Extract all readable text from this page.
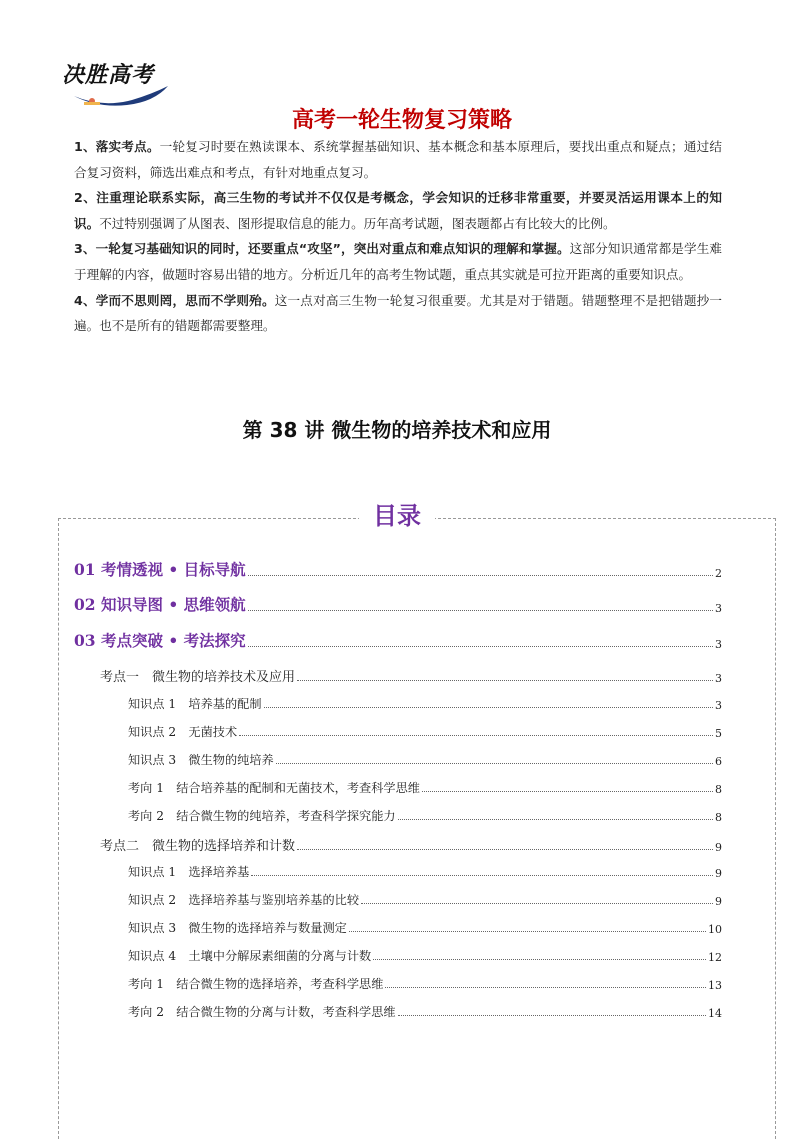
决胜高考
高考一轮生物复习策略

1、落实考点。一轮复习时要在熟读课本、系统掌握基础知识、基本概念和基本原理后，要找出重点和疑点；通过结合复习资料，筛选出难点和考点，有针对地重点复习。

2、注重理论联系实际，高三生物的考试并不仅仅是考概念，学会知识的迁移非常重要，并要灵活运用课本上的知识。不过特别强调了从图表、图形提取信息的能力。历年高考试题，图表题都占有比较大的比例。

3、一轮复习基础知识的同时，还要重点“攻坚”，突出对重点和难点知识的理解和掌握。这部分知识通常都是学生难于理解的内容，做题时容易出错的地方。分析近几年的高考生物试题，重点其实就是可拉开距离的重要知识点。

4、学而不思则罔，思而不学则殆。这一点对高三生物一轮复习很重要。尤其是对于错题。错题整理不是把错题抄一遍。也不是所有的错题都需要整理。

第 38 讲 微生物的培养技术和应用
目录
01 考情透视 • 目标导航	2
02 知识导图 • 思维领航	3
03 考点突破 • 考法探究	3
考点一　微生物的培养技术及应用	3
知识点 1　培养基的配制	3
知识点 2　无菌技术	5
知识点 3　微生物的纯培养	6
考向 1　结合培养基的配制和无菌技术，考查科学思维	8
考向 2　结合微生物的纯培养，考查科学探究能力	8
考点二　微生物的选择培养和计数	9
知识点 1　选择培养基	9
知识点 2　选择培养基与鉴别培养基的比较	9
知识点 3　微生物的选择培养与数量测定	10
知识点 4　土壤中分解尿素细菌的分离与计数	12
考向 1　结合微生物的选择培养，考查科学思维	13
考向 2　结合微生物的分离与计数，考查科学思维	14
